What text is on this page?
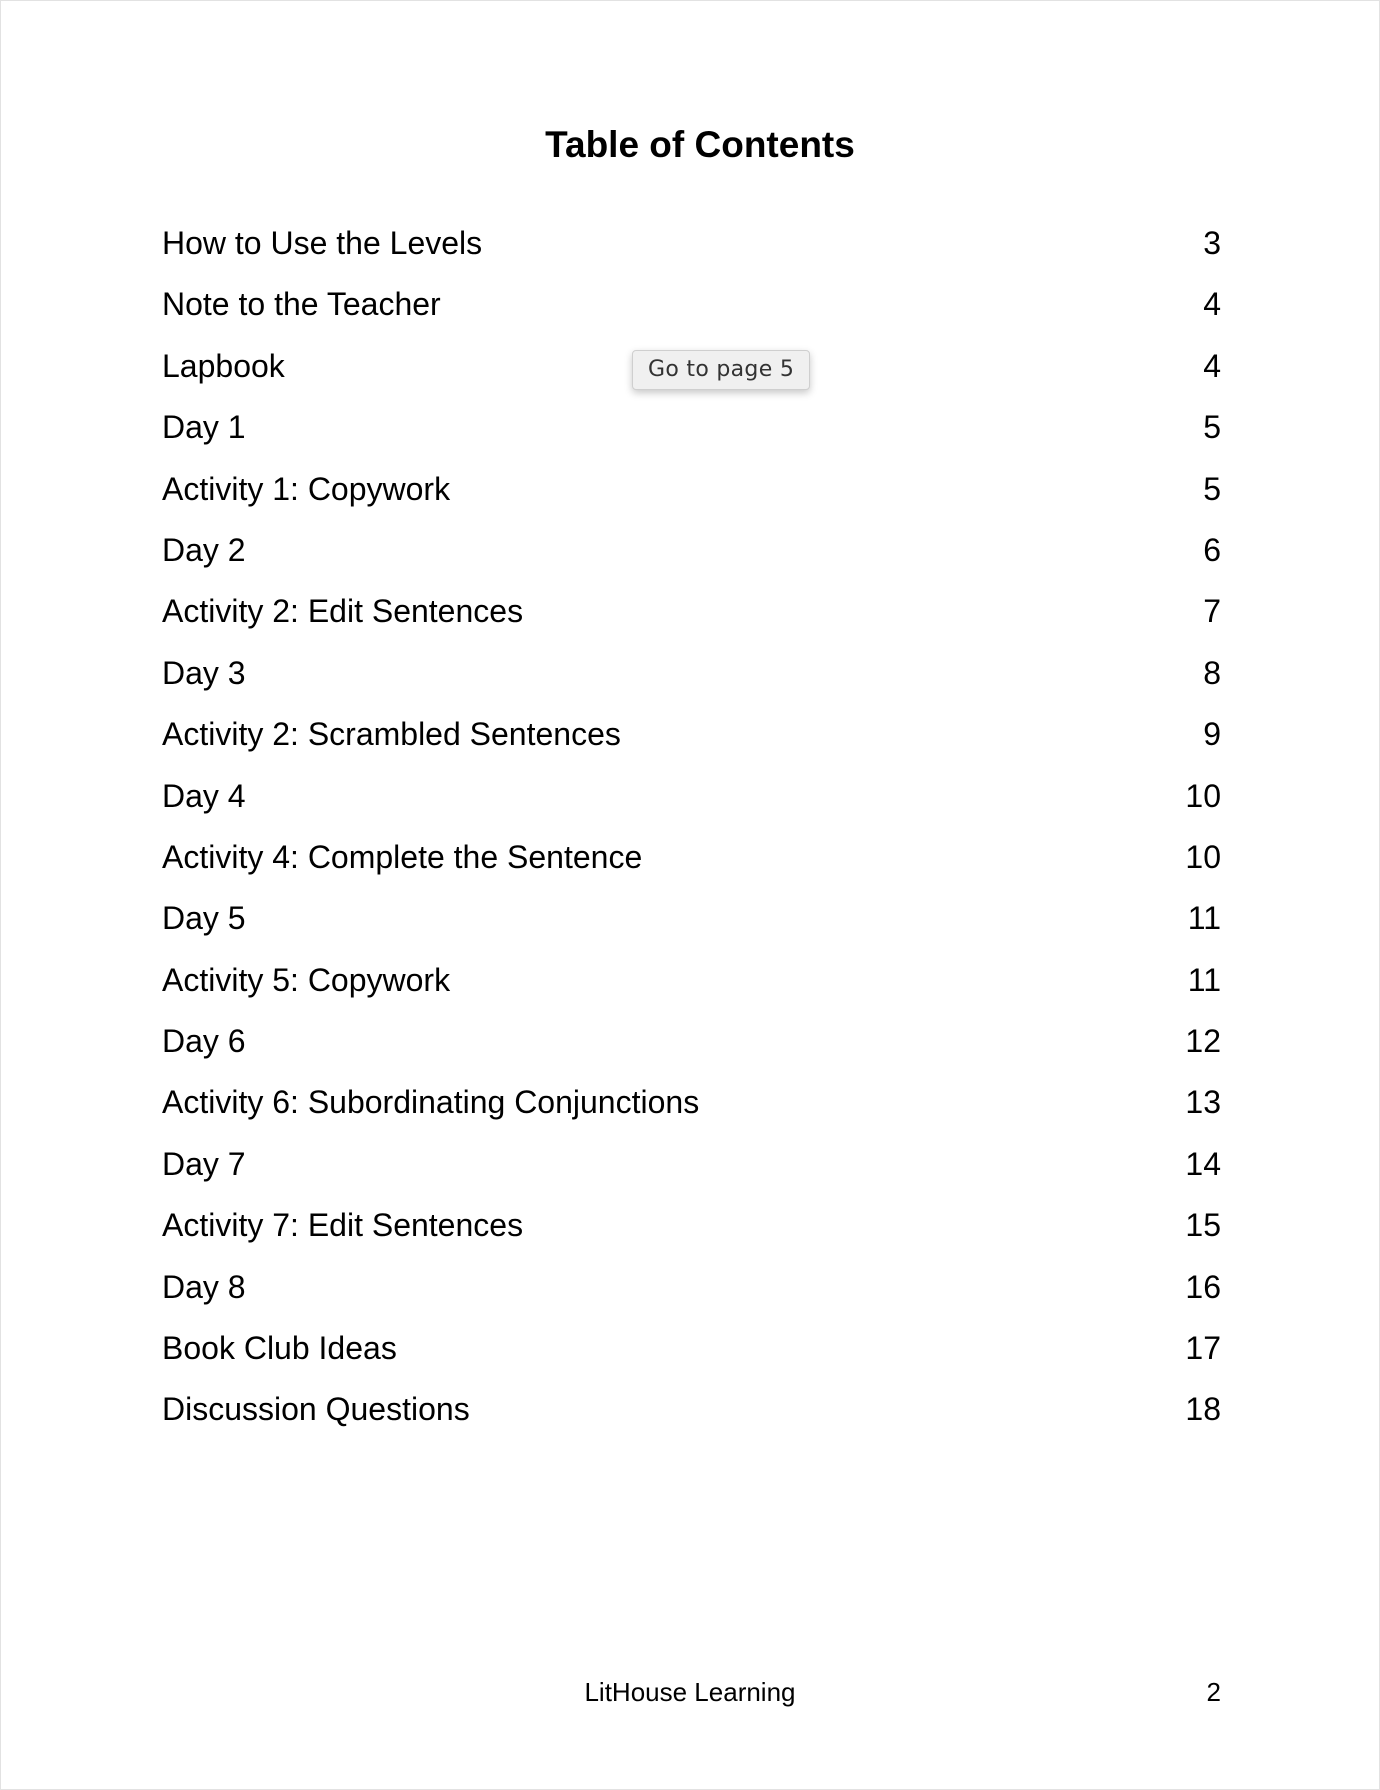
Table of Contents
How to Use the Levels	3
Note to the Teacher	4
Lapbook	4
Day 1	5
Activity 1: Copywork	5
Day 2	6
Activity 2: Edit Sentences	7
Day 3	8
Activity 2: Scrambled Sentences	9
Day 4	10
Activity 4: Complete the Sentence	10
Day 5	11
Activity 5: Copywork	11
Day 6	12
Activity 6: Subordinating Conjunctions	13
Day 7	14
Activity 7: Edit Sentences	15
Day 8	16
Book Club Ideas	17
Discussion Questions	18
Go to page 5
LitHouse Learning	2
